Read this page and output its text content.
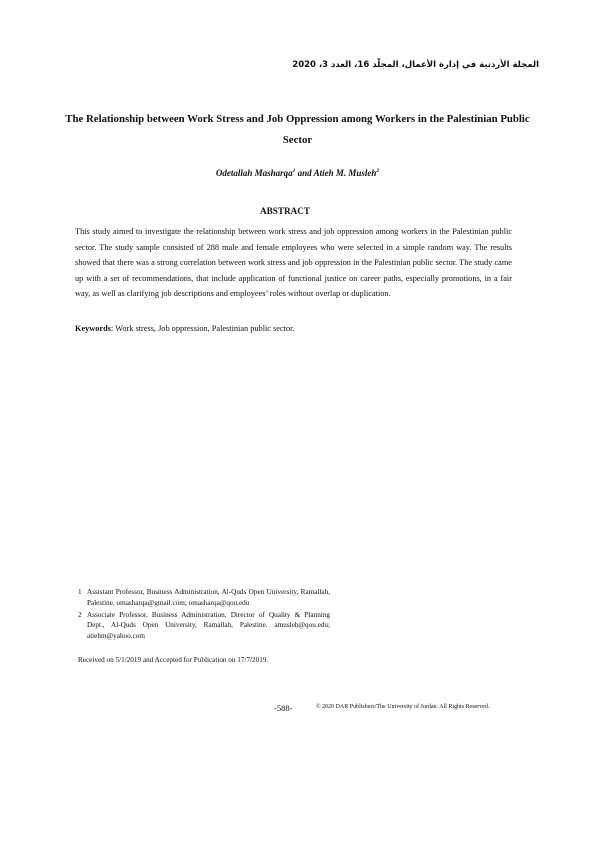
المجلة الأردنية في إدارة الأعمال، المجلّد 16، العدد 3، 2020
The Relationship between Work Stress and Job Oppression among Workers in the Palestinian Public Sector
Odetallah Masharqa$^1$ and Atieh M. Musleh$^2$
ABSTRACT
This study aimed to investigate the relationship between work stress and job oppression among workers in the Palestinian public sector. The study sample consisted of 288 male and female employees who were selected in a simple random way. The results showed that there was a strong correlation between work stress and job oppression in the Palestinian public sector. The study came up with a set of recommendations, that include application of functional justice on career paths, especially promotions, in a fair way, as well as clarifying job descriptions and employees’ roles without overlap or duplication.
Keywords: Work stress, Job oppression, Palestinian public sector.
1 Assistant Professor, Business Administration, Al-Quds Open University, Ramallah, Palestine. omasharqa@gmail.com; omasharqa@qou.edu
2 Associate Professor, Business Administration, Director of Quality & Planning Dept., Al-Quds Open University, Ramallah, Palestine. amusleh@qou.edu; atiehm@yahoo.com
Received on 5/1/2019 and Accepted for Publication on 17/7/2019.
-588-	© 2020 DAR Publishers/The University of Jordan. All Rights Reserved.
